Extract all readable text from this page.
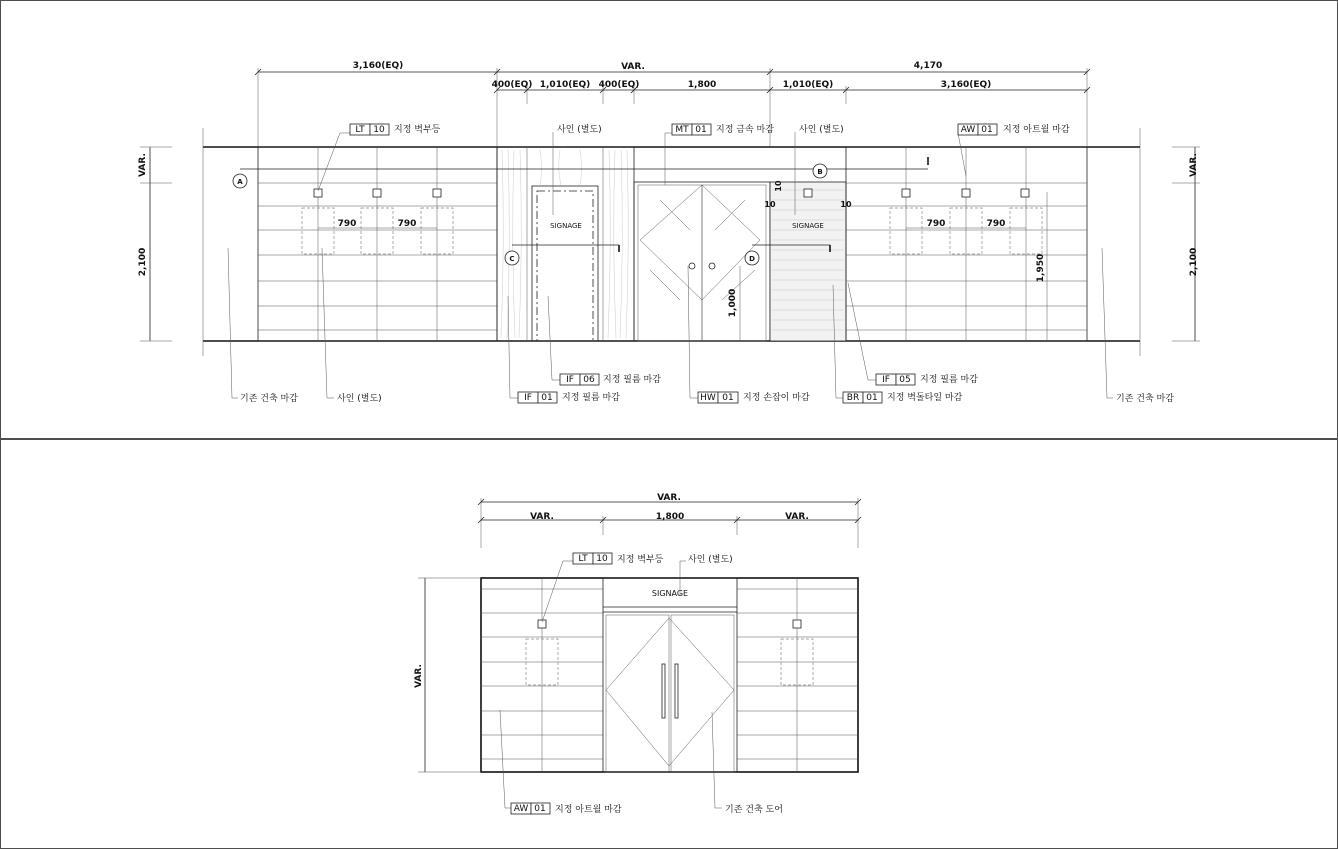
3,160(EQ)	VAR.	4,170
400(EQ) 1,010(EQ) 400(EQ)	1,800	1,010(EQ)	3,160(EQ)
790	790	SIGNAGE
1,000
SIGNAGE
10
10	10
790	790
1,950
A
B
C	D
VAR.
2,100
VAR.
2,100
LT 10 지정 벽부등	사인 (별도)	MT 01 지정 금속 마감	사인 (별도)	AW 01 지정 아트월 마감
기존 건축 마감	사인 (별도)
IF 06 지정 필름 마감
IF 01 지정 필름 마감	HW 01 지정 손잡이 마감
IF 05 지정 필름 마감
BR 01 지정 벽돌타일 마감	기존 건축 마감
VAR.
VAR.	1,800	VAR.
VAR.
SIGNAGE
LT 10 지정 벽부등	사인 (별도)
AW 01 지정 아트월 마감	기존 건축 도어
